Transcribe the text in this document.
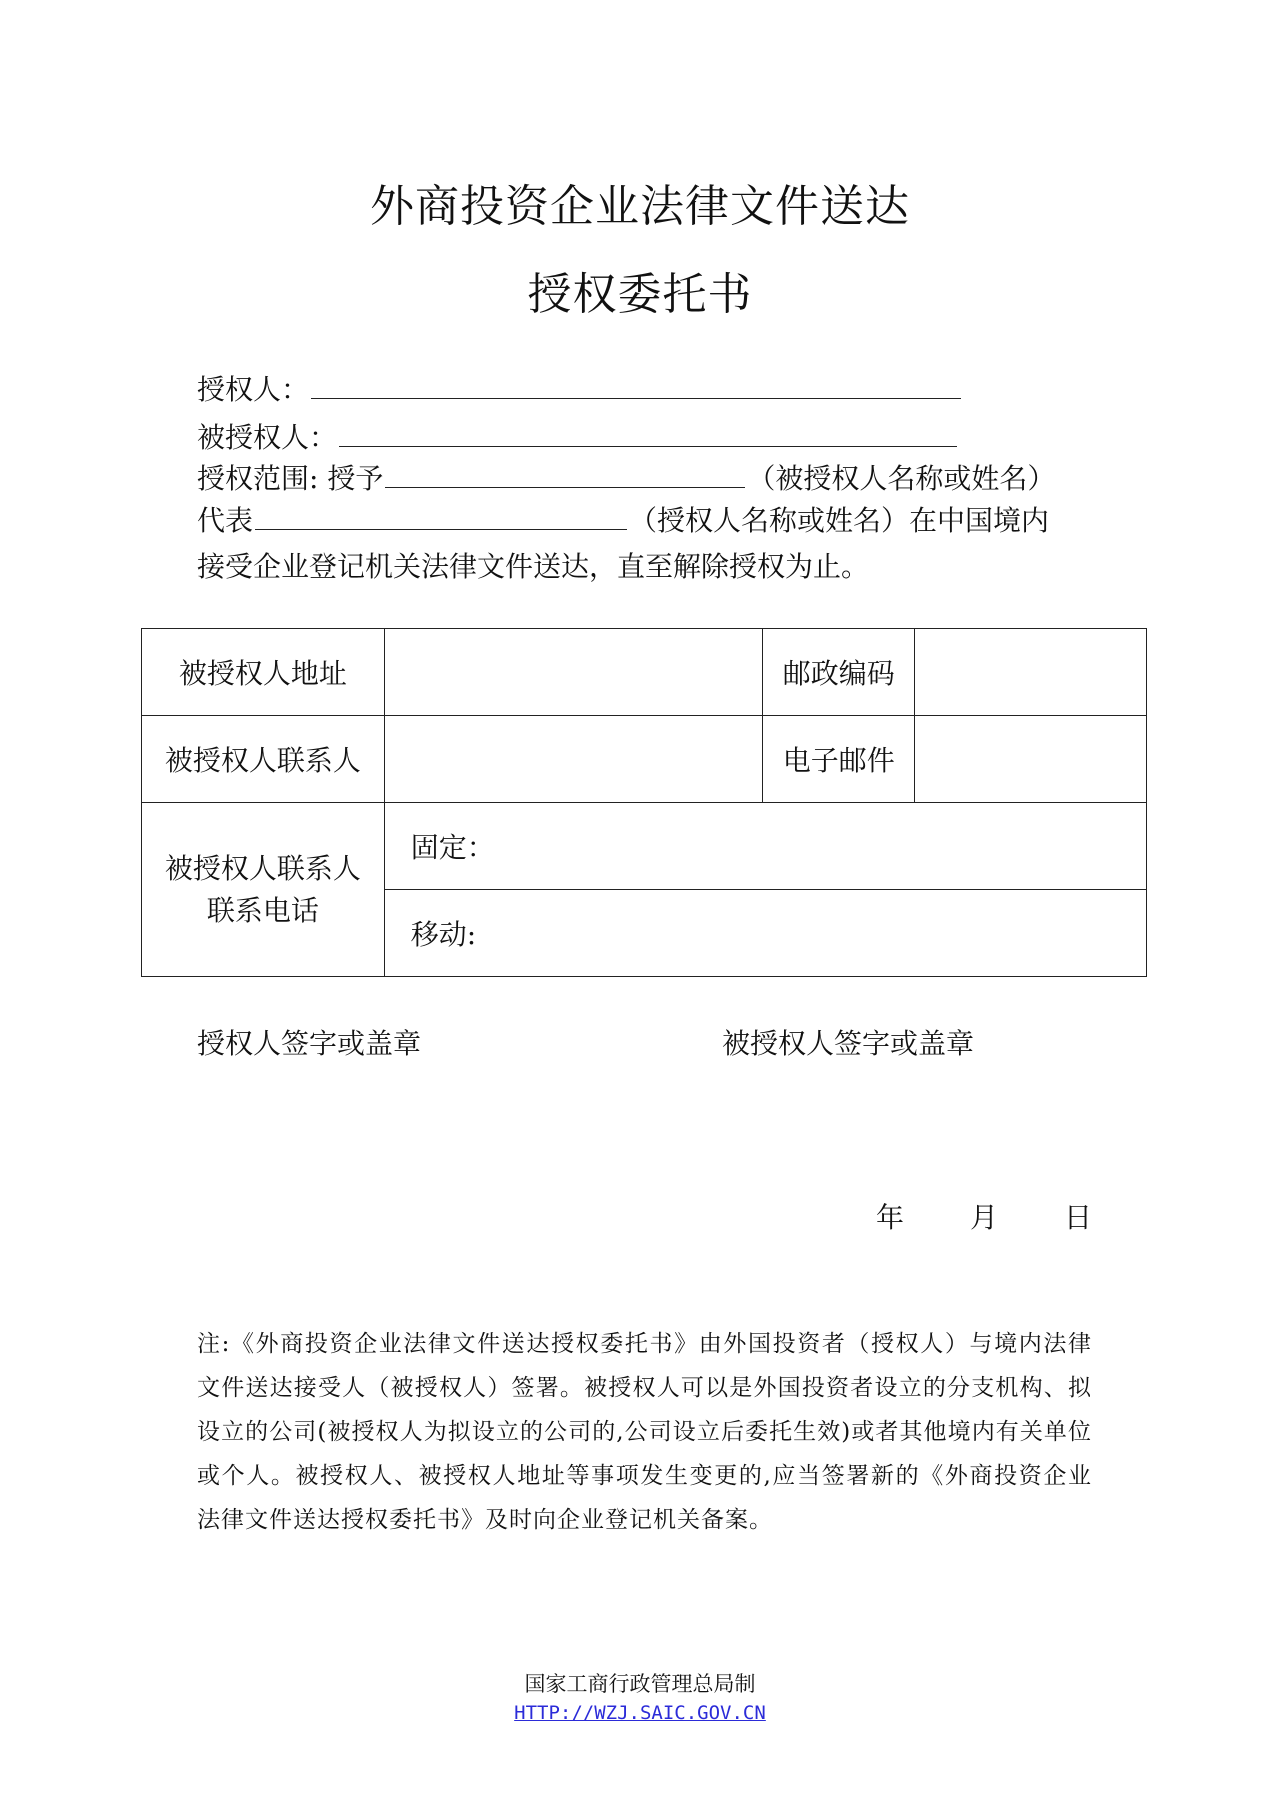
外商投资企业法律文件送达
授权委托书
授权人：
被授权人：
授权范围: 授予	（被授权人名称或姓名）
代表	（授权人名称或姓名）在中国境内
接受企业登记机关法律文件送达，直至解除授权为止。
被授权人地址		邮政编码	
被授权人联系人		电子邮件	

被授权人联系人
联系电话	固定：		
	移动:		
授权人签字或盖章	被授权人签字或盖章
年 月 日
注:《外商投资企业法律文件送达授权委托书》由外国投资者（授权人）与境内法律文件送达接受人（被授权人）签署。被授权人可以是外国投资者设立的分支机构、拟设立的公司(被授权人为拟设立的公司的,公司设立后委托生效)或者其他境内有关单位或个人。被授权人、被授权人地址等事项发生变更的,应当签署新的《外商投资企业法律文件送达授权委托书》及时向企业登记机关备案。
国家工商行政管理总局制
HTTP://WZJ.SAIC.GOV.CN
